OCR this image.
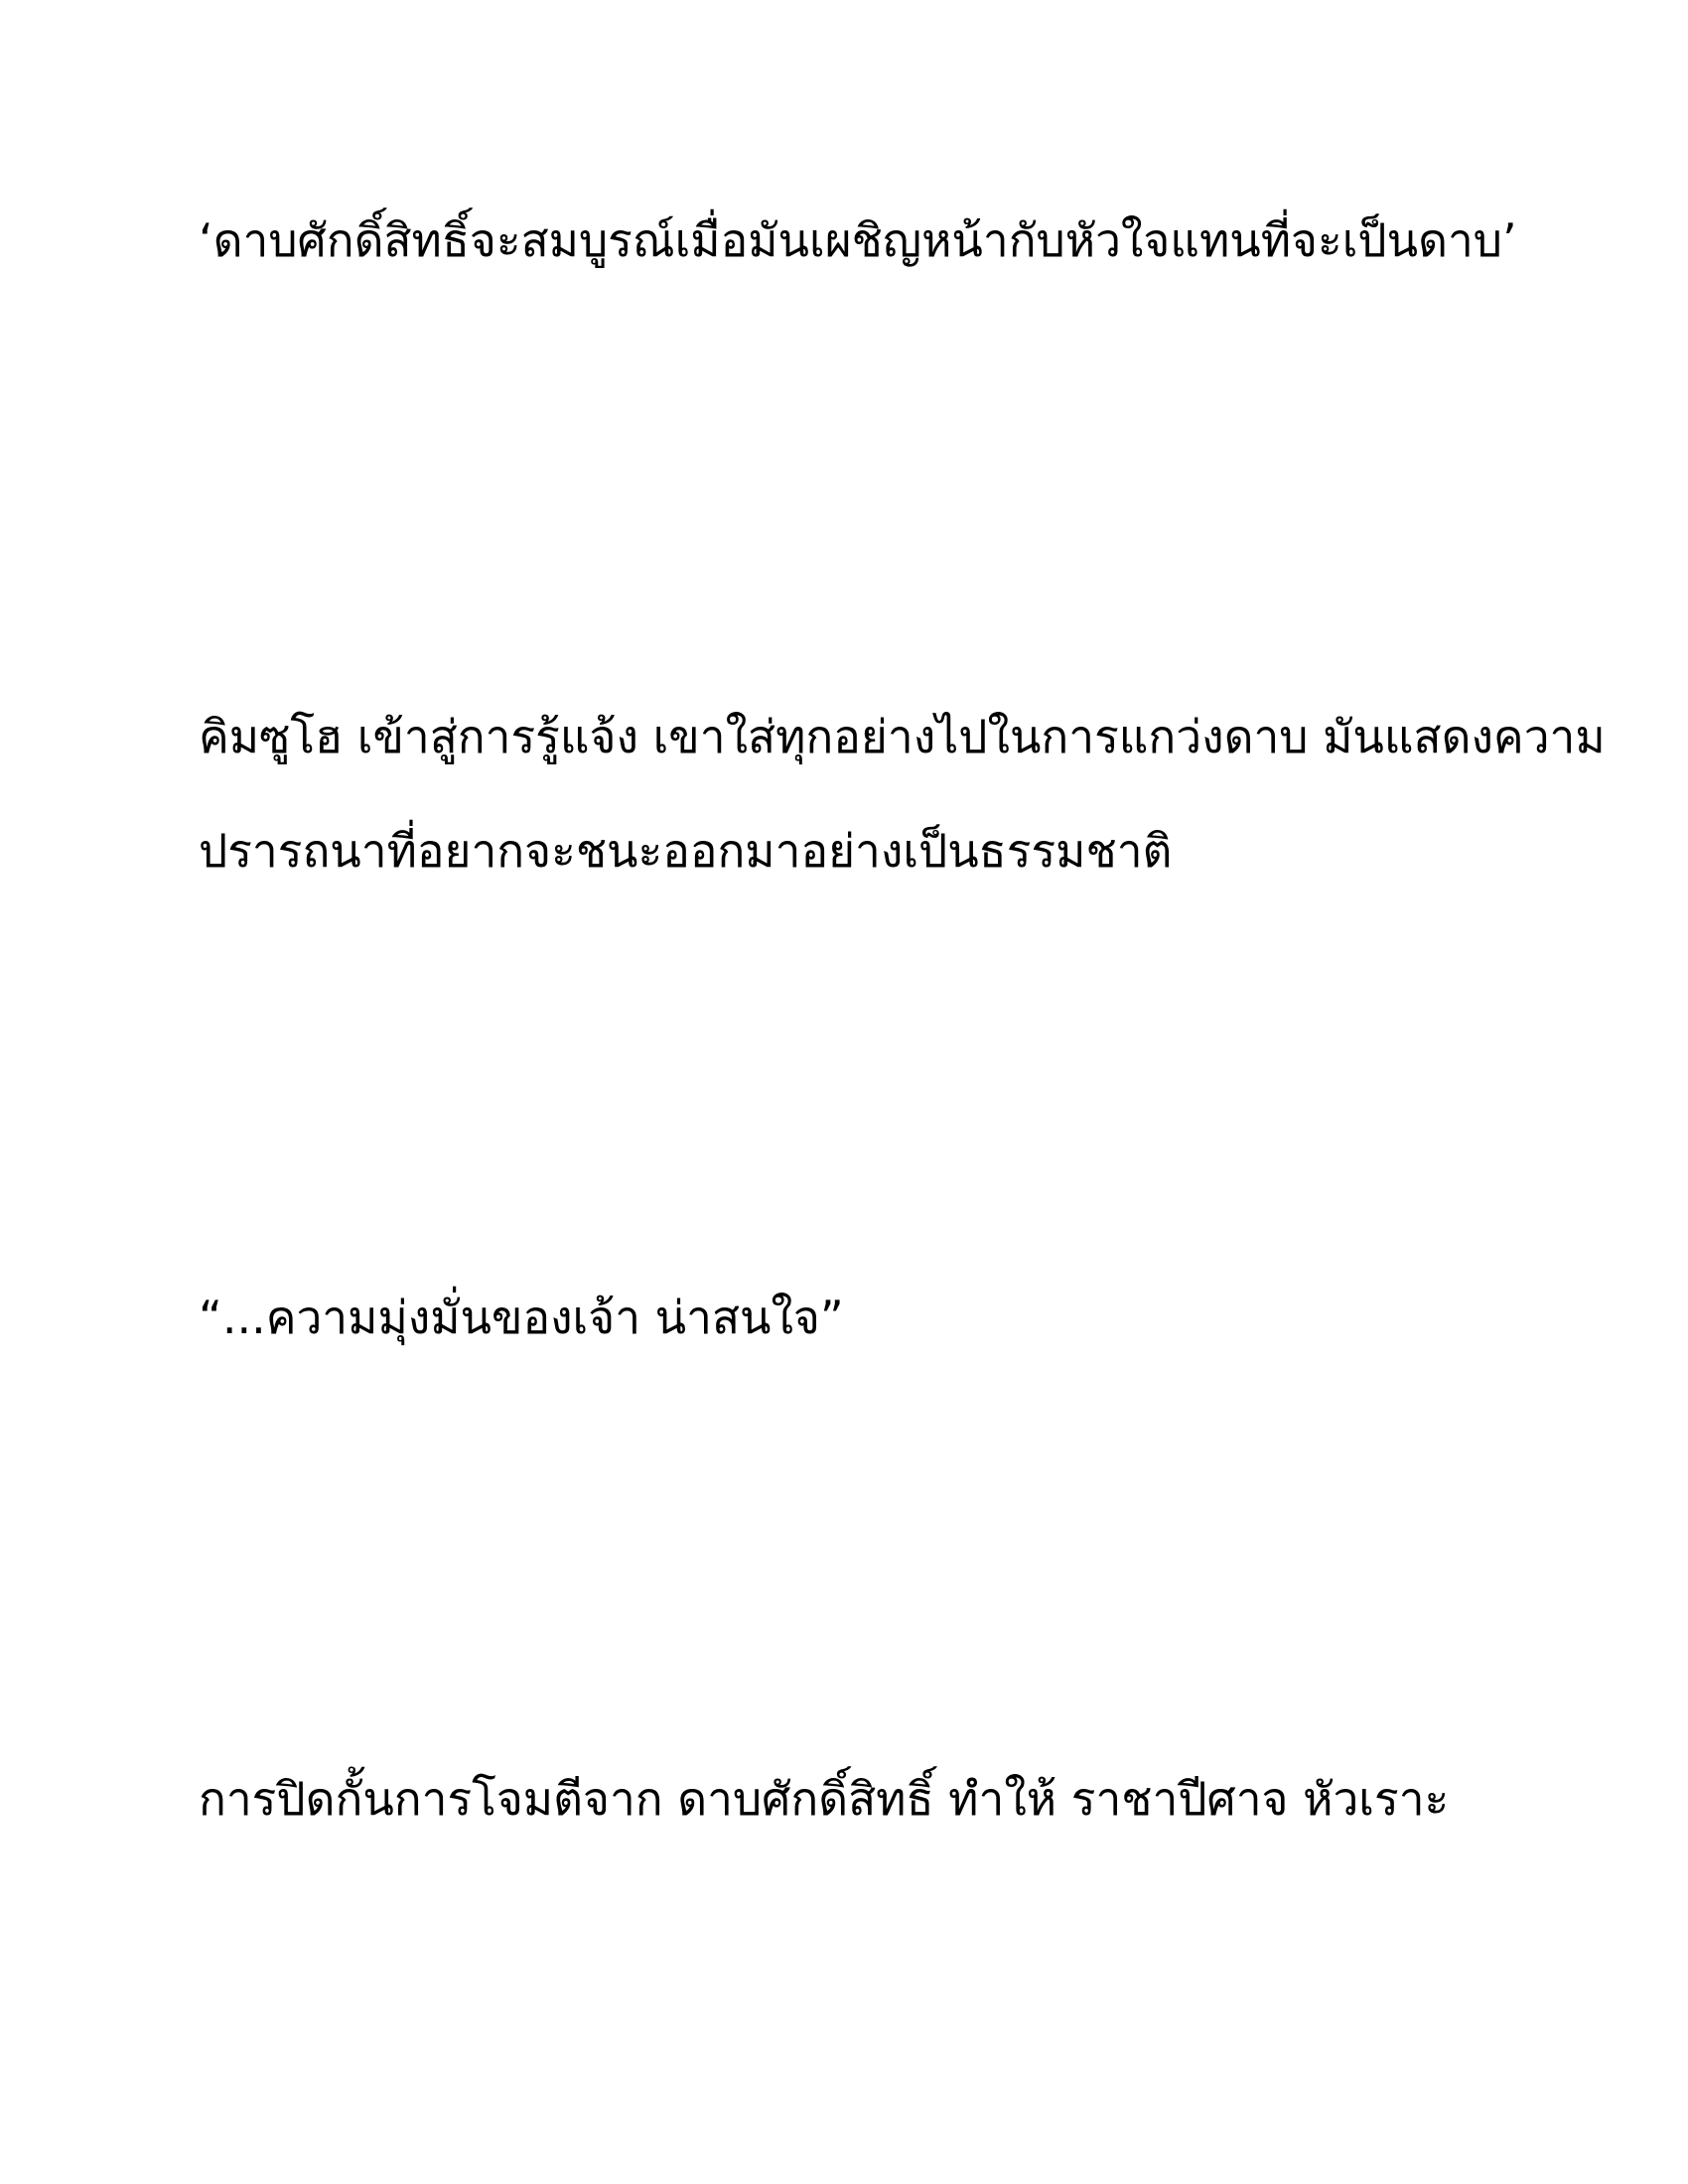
‘ดาบศักดิ์สิทธิ์จะสมบูรณ์เมื่อมันเผชิญหน้ากับหัวใจแทนที่จะเป็นดาบ’

คิมซูโฮ เข้าสู่การรู้แจ้ง เขาใส่ทุกอย่างไปในการแกว่งดาบ มันแสดงความ
ปรารถนาที่อยากจะชนะออกมาอย่างเป็นธรรมชาติ

“...ความมุ่งมั่นของเจ้า น่าสนใจ”

การปิดกั้นการโจมตีจาก ดาบศักดิ์สิทธิ์ ทำให้ ราชาปีศาจ หัวเราะ
